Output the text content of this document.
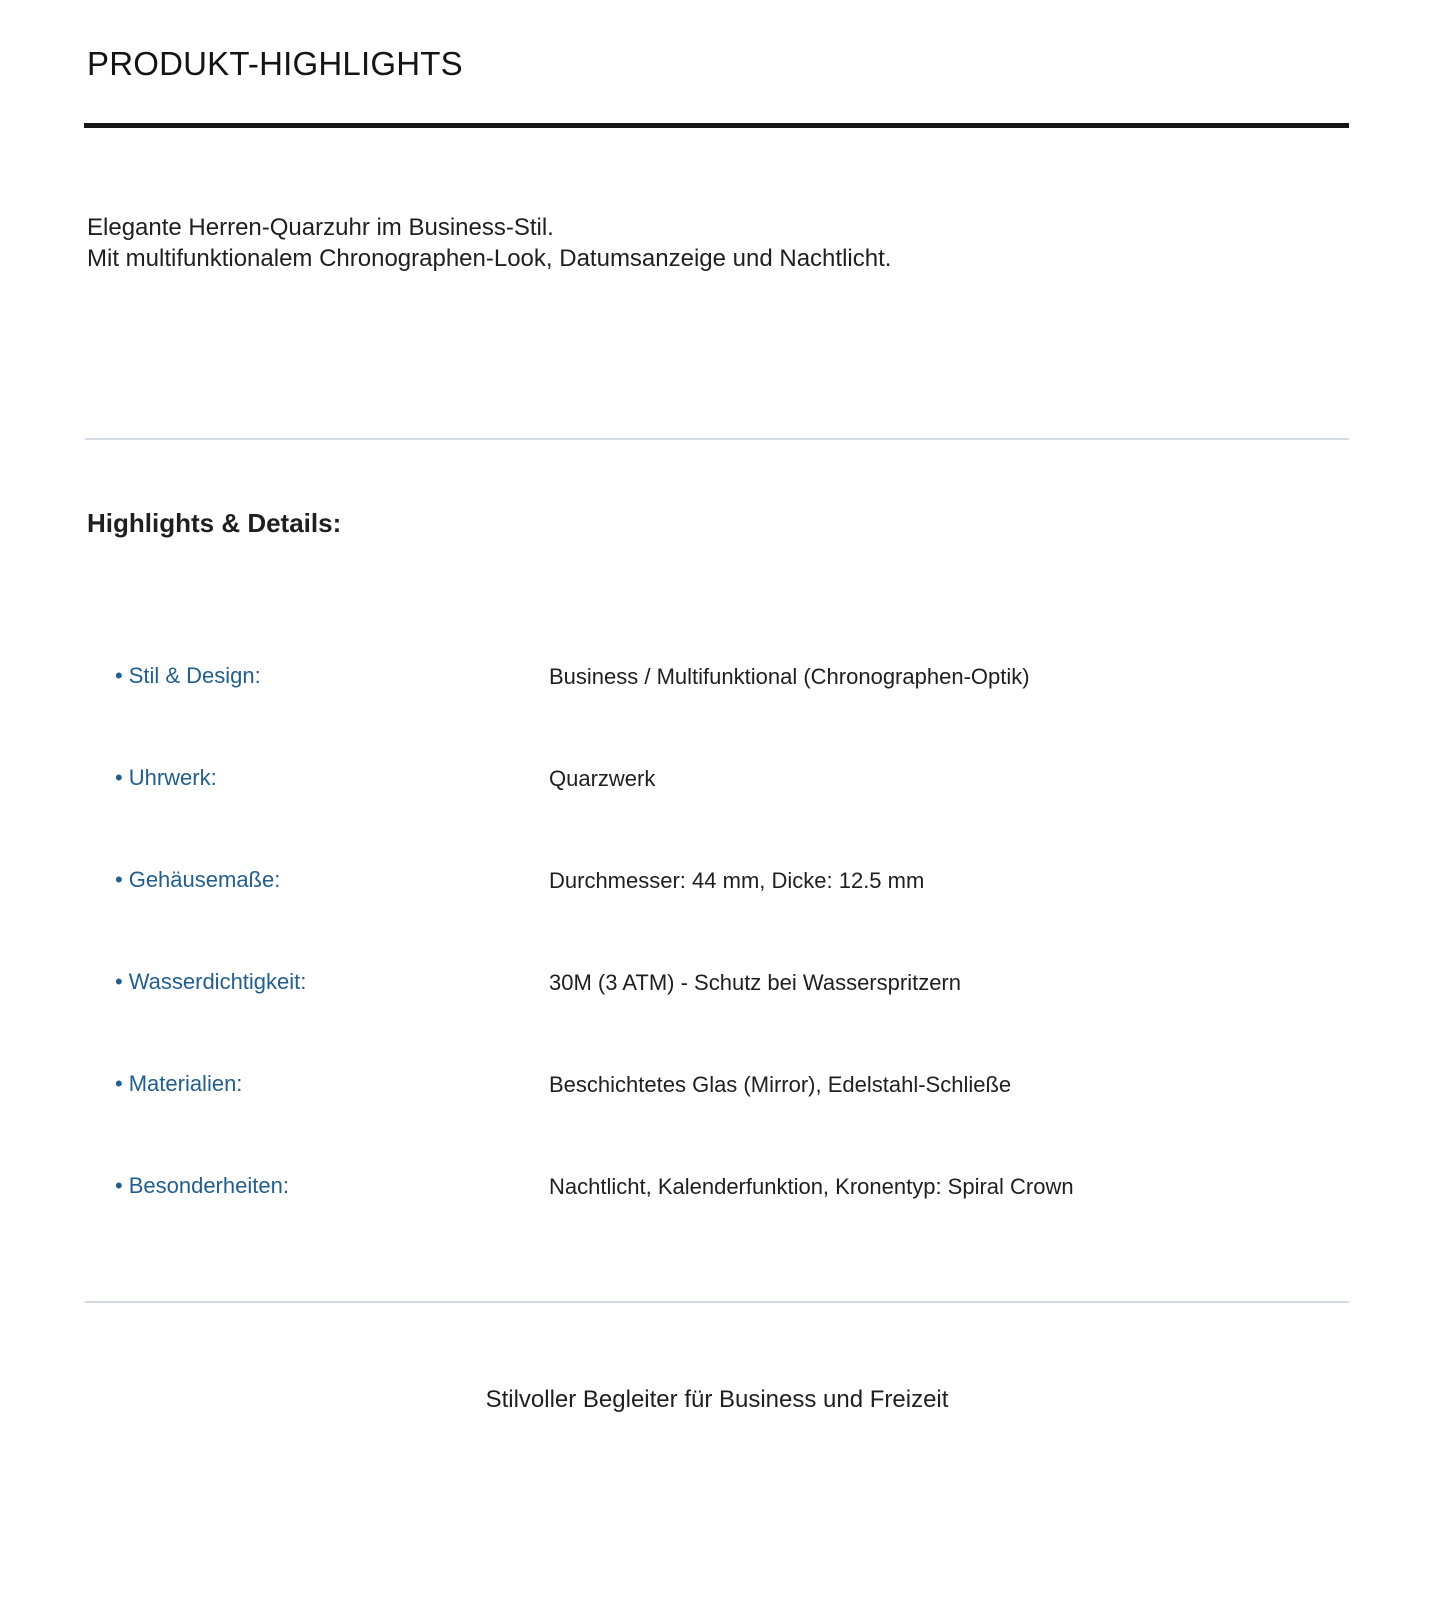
PRODUKT-HIGHLIGHTS
Elegante Herren-Quarzuhr im Business-Stil.
Mit multifunktionalem Chronographen-Look, Datumsanzeige und Nachtlicht.
Highlights & Details:
• Stil & Design:	Business / Multifunktional (Chronographen-Optik)
• Uhrwerk:	Quarzwerk
• Gehäusemaße:	Durchmesser: 44 mm, Dicke: 12.5 mm
• Wasserdichtigkeit:	30M (3 ATM) - Schutz bei Wasserspritzern
• Materialien:	Beschichtetes Glas (Mirror), Edelstahl-Schließe
• Besonderheiten:	Nachtlicht, Kalenderfunktion, Kronentyp: Spiral Crown
Stilvoller Begleiter für Business und Freizeit
